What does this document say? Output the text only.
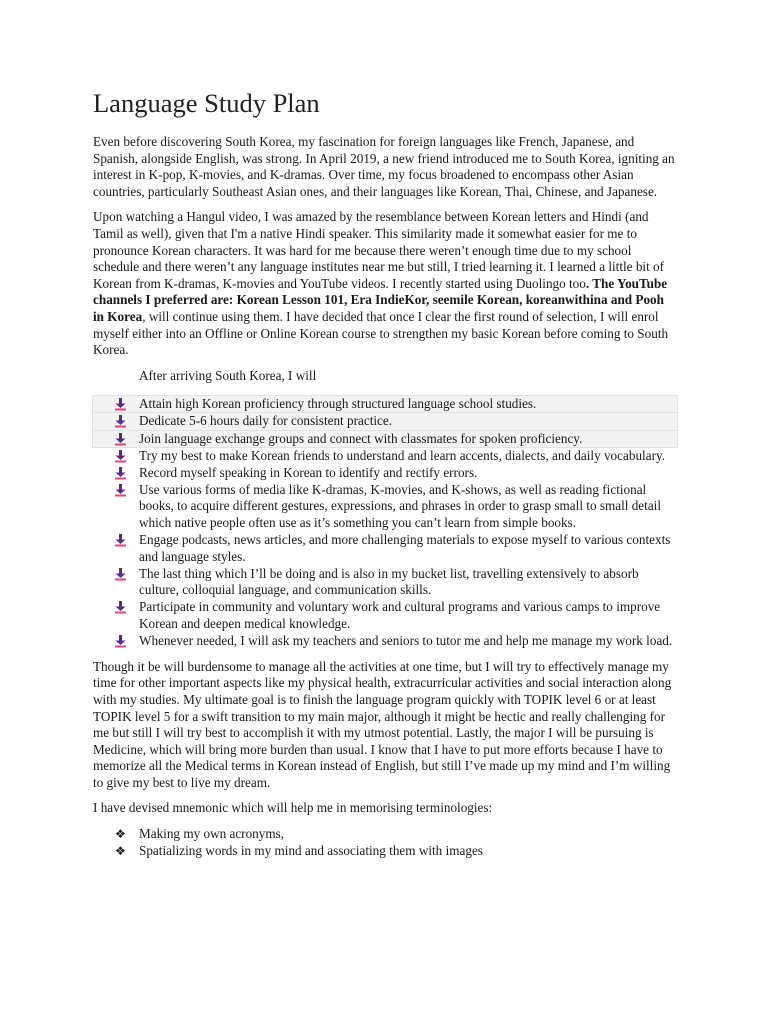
Language Study Plan

Even before discovering South Korea, my fascination for foreign languages like French, Japanese, and Spanish, alongside English, was strong. In April 2019, a new friend introduced me to South Korea, igniting an interest in K-pop, K-movies, and K-dramas. Over time, my focus broadened to encompass other Asian countries, particularly Southeast Asian ones, and their languages like Korean, Thai, Chinese, and Japanese.

Upon watching a Hangul video, I was amazed by the resemblance between Korean letters and Hindi (and Tamil as well), given that I'm a native Hindi speaker. This similarity made it somewhat easier for me to pronounce Korean characters. It was hard for me because there weren’t enough time due to my school schedule and there weren’t any language institutes near me but still, I tried learning it. I learned a little bit of Korean from K-dramas, K-movies and YouTube videos. I recently started using Duolingo too. The YouTube channels I preferred are: Korean Lesson 101, Era IndieKor, seemile Korean, koreanwithina and Pooh in Korea, will continue using them. I have decided that once I clear the first round of selection, I will enrol myself either into an Offline or Online Korean course to strengthen my basic Korean before coming to South Korea.

After arriving South Korea, I will

Attain high Korean proficiency through structured language school studies.
Dedicate 5-6 hours daily for consistent practice.
Join language exchange groups and connect with classmates for spoken proficiency.
Try my best to make Korean friends to understand and learn accents, dialects, and daily vocabulary.
Record myself speaking in Korean to identify and rectify errors.
Use various forms of media like K-dramas, K-movies, and K-shows, as well as reading fictional books, to acquire different gestures, expressions, and phrases in order to grasp small to small detail which native people often use as it’s something you can’t learn from simple books.
Engage podcasts, news articles, and more challenging materials to expose myself to various contexts and language styles.
The last thing which I’ll be doing and is also in my bucket list, travelling extensively to absorb culture, colloquial language, and communication skills.
Participate in community and voluntary work and cultural programs and various camps to improve Korean and deepen medical knowledge.
Whenever needed, I will ask my teachers and seniors to tutor me and help me manage my work load.

Though it be will burdensome to manage all the activities at one time, but I will try to effectively manage my time for other important aspects like my physical health, extracurricular activities and social interaction along with my studies. My ultimate goal is to finish the language program quickly with TOPIK level 6 or at least TOPIK level 5 for a swift transition to my main major, although it might be hectic and really challenging for me but still I will try best to accomplish it with my utmost potential. Lastly, the major I will be pursuing is Medicine, which will bring more burden than usual. I know that I have to put more efforts because I have to memorize all the Medical terms in Korean instead of English, but still I’ve made up my mind and I’m willing to give my best to live my dream.

I have devised mnemonic which will help me in memorising terminologies:

❖ Making my own acronyms,
❖ Spatializing words in my mind and associating them with images
